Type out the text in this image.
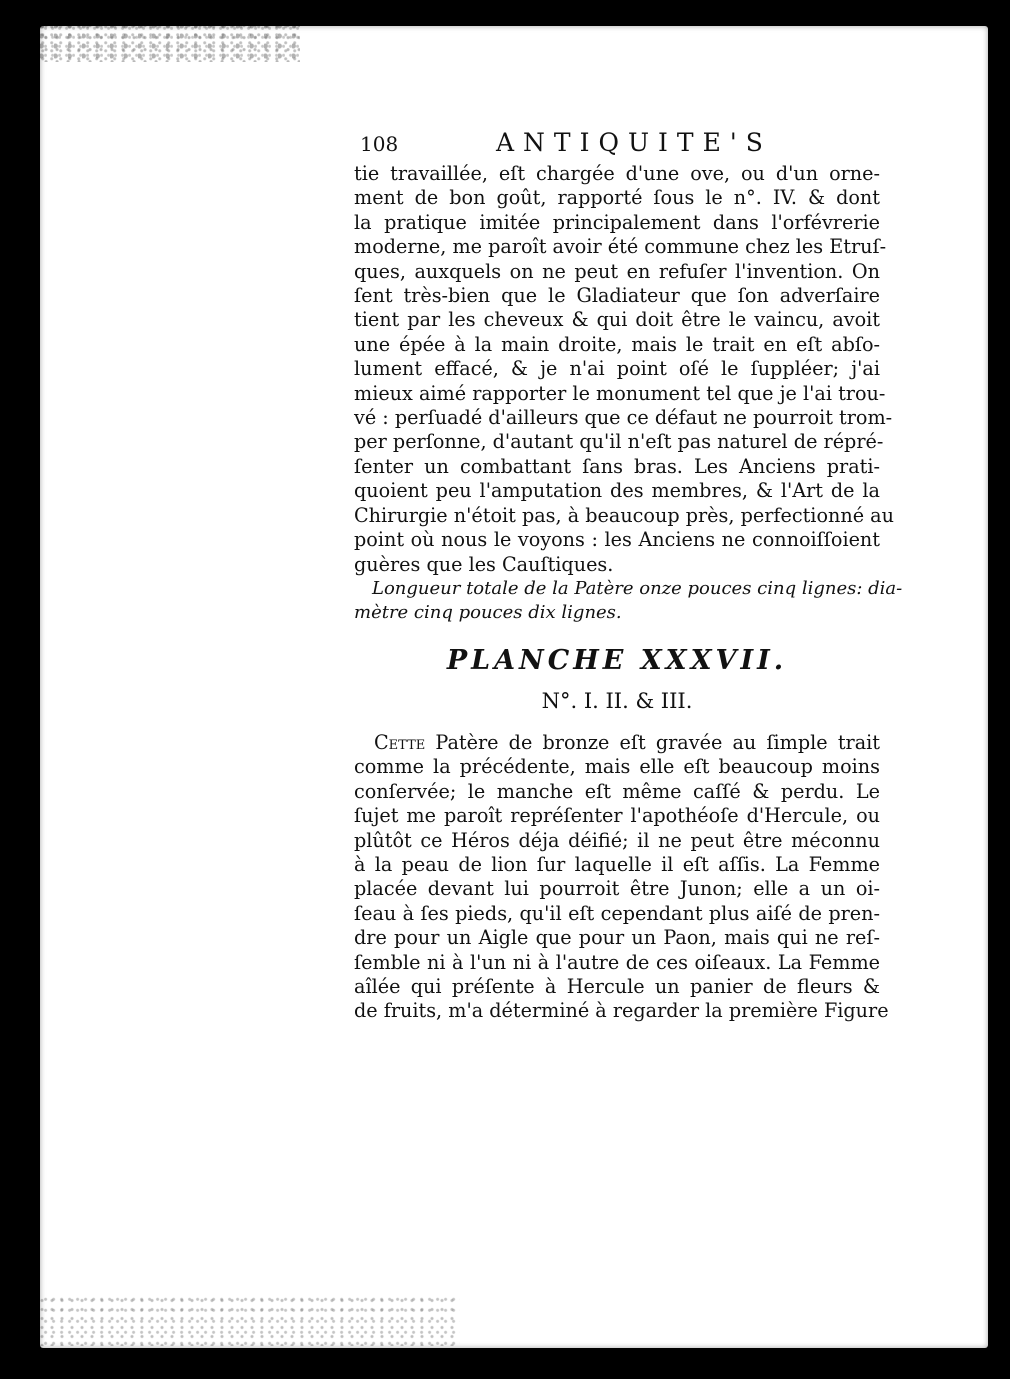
108	ANTIQUITE'S

tie travaillée, eſt chargée d'une ove, ou d'un orne-
ment de bon goût, rapporté ſous le n°. IV. & dont
la pratique imitée principalement dans l'orfévrerie
moderne, me paroît avoir été commune chez les Etruſ-
ques, auxquels on ne peut en refuſer l'invention. On
ſent très-bien que le Gladiateur que ſon adverſaire
tient par les cheveux & qui doit être le vaincu, avoit
une épée à la main droite, mais le trait en eſt abſo-
lument effacé, & je n'ai point oſé le ſuppléer; j'ai
mieux aimé rapporter le monument tel que je l'ai trou-
vé : perſuadé d'ailleurs que ce défaut ne pourroit trom-
per perſonne, d'autant qu'il n'eſt pas naturel de répré-
ſenter un combattant ſans bras. Les Anciens prati-
quoient peu l'amputation des membres, & l'Art de la
Chirurgie n'étoit pas, à beaucoup près, perfectionné au
point où nous le voyons : les Anciens ne connoiſſoient
guères que les Cauſtiques.

Longueur totale de la Patère onze pouces cinq lignes: dia-
mètre cinq pouces dix lignes.

PLANCHE XXXVII.
N°. I. II. & III.

Cette Patère de bronze eſt gravée au ſimple trait
comme la précédente, mais elle eſt beaucoup moins
conſervée; le manche eſt même caſſé & perdu. Le
ſujet me paroît repréſenter l'apothéoſe d'Hercule, ou
plûtôt ce Héros déja déifié; il ne peut être méconnu
à la peau de lion ſur laquelle il eſt aſſis. La Femme
placée devant lui pourroit être Junon; elle a un oi-
ſeau à ſes pieds, qu'il eſt cependant plus aiſé de pren-
dre pour un Aigle que pour un Paon, mais qui ne reſ-
ſemble ni à l'un ni à l'autre de ces oiſeaux. La Femme
aîlée qui préſente à Hercule un panier de fleurs &
de fruits, m'a déterminé à regarder la première Figure
